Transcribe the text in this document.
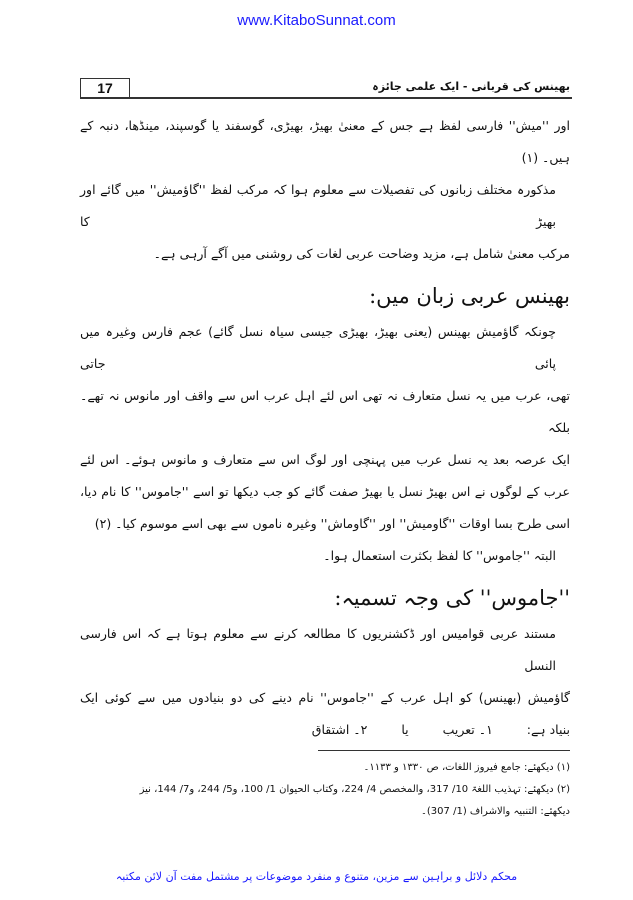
www.KitaboSunnat.com
17	بھینس کی قربانی - ایک علمی جائزہ
اور ''میش'' فارسی لفظ ہے جس کے معنیٰ بھیڑ، بھیڑی، گوسفند یا گوسپند، مینڈھا، دنبہ کے
ہیں۔ (۱)
مذکورہ مختلف زبانوں کی تفصیلات سے معلوم ہوا کہ مرکب لفظ ''گاؤمیش'' میں گائے اور بھیڑ کا
مرکب معنیٰ شامل ہے، مزید وضاحت عربی لغات کی روشنی میں آگے آرہی ہے۔
بھینس عربی زبان میں:
چونکہ گاؤمیش بھینس (یعنی بھیڑ، بھیڑی جیسی سیاہ نسل گائے) عجم فارس وغیرہ میں پائی جاتی
تھی، عرب میں یہ نسل متعارف نہ تھی اس لئے اہل عرب اس سے واقف اور مانوس نہ تھے۔ بلکہ
ایک عرصہ بعد یہ نسل عرب میں پہنچی اور لوگ اس سے متعارف و مانوس ہوئے۔ اس لئے
عرب کے لوگوں نے اس بھیڑ نسل یا بھیڑ صفت گائے کو جب دیکھا تو اسے ''جاموس'' کا نام دیا،
اسی طرح بسا اوقات ''گاومیش'' اور ''گاوماش'' وغیرہ ناموں سے بھی اسے موسوم کیا۔ (۲)
البتہ ''جاموس'' کا لفظ بکثرت استعمال ہوا۔
''جاموس'' کی وجہ تسمیہ:
مستند عربی قوامیس اور ڈکشنریوں کا مطالعہ کرنے سے معلوم ہوتا ہے کہ اس فارسی النسل
گاؤمیش (بھینس) کو اہل عرب کے ''جاموس'' نام دینے کی دو بنیادوں میں سے کوئی ایک
بنیاد ہے: ۱۔ تعریب یا ۲۔ اشتقاق
(۱) دیکھئے: جامع فیروز اللغات، ص ۱۳۳۰ و ۱۱۳۳۔
(۲) دیکھئے: تہذیب اللغۃ 10/ 317، والمخصص 4/ 224، وکتاب الحیوان 1/ 100، و5/ 244، و7/ 144، نیز
دیکھئے: التنبیہ والاشراف (1/ 307)۔
محکم دلائل و براہین سے مزین، متنوع و منفرد موضوعات پر مشتمل مفت آن لائن مکتبہ
